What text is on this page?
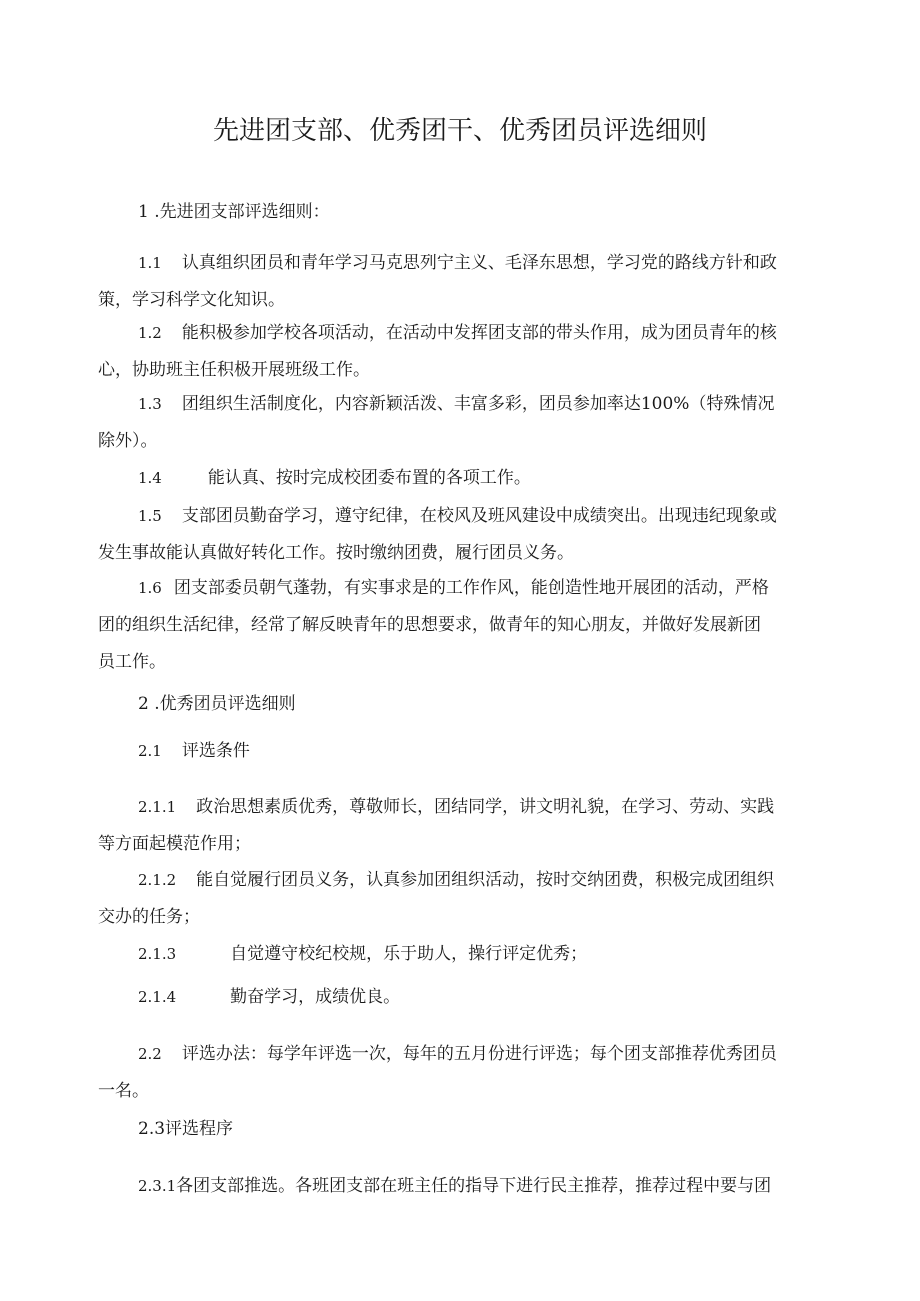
先进团支部、优秀团干、优秀团员评选细则

1 .先进团支部评选细则：

1.1 认真组织团员和青年学习马克思列宁主义、毛泽东思想，学习党的路线方针和政
策，学习科学文化知识。

1.2 能积极参加学校各项活动，在活动中发挥团支部的带头作用，成为团员青年的核
心，协助班主任积极开展班级工作。

1.3 团组织生活制度化，内容新颖活泼、丰富多彩，团员参加率达100%（特殊情况
除外）。

1.4	能认真、按时完成校团委布置的各项工作。

1.5 支部团员勤奋学习，遵守纪律，在校风及班风建设中成绩突出。出现违纪现象或
发生事故能认真做好转化工作。按时缴纳团费，履行团员义务。

1.6 团支部委员朝气蓬勃，有实事求是的工作作风，能创造性地开展团的活动，严格
团的组织生活纪律，经常了解反映青年的思想要求，做青年的知心朋友，并做好发展新团
员工作。

2 .优秀团员评选细则

2.1 评选条件

2.1.1 政治思想素质优秀，尊敬师长，团结同学，讲文明礼貌，在学习、劳动、实践
等方面起模范作用；

2.1.2 能自觉履行团员义务，认真参加团组织活动，按时交纳团费，积极完成团组织
交办的任务；

2.1.3	自觉遵守校纪校规，乐于助人，操行评定优秀；

2.1.4	勤奋学习，成绩优良。

2.2 评选办法：每学年评选一次，每年的五月份进行评选；每个团支部推荐优秀团员
一名。

2.3评选程序

2.3.1各团支部推选。各班团支部在班主任的指导下进行民主推荐，推荐过程中要与团
